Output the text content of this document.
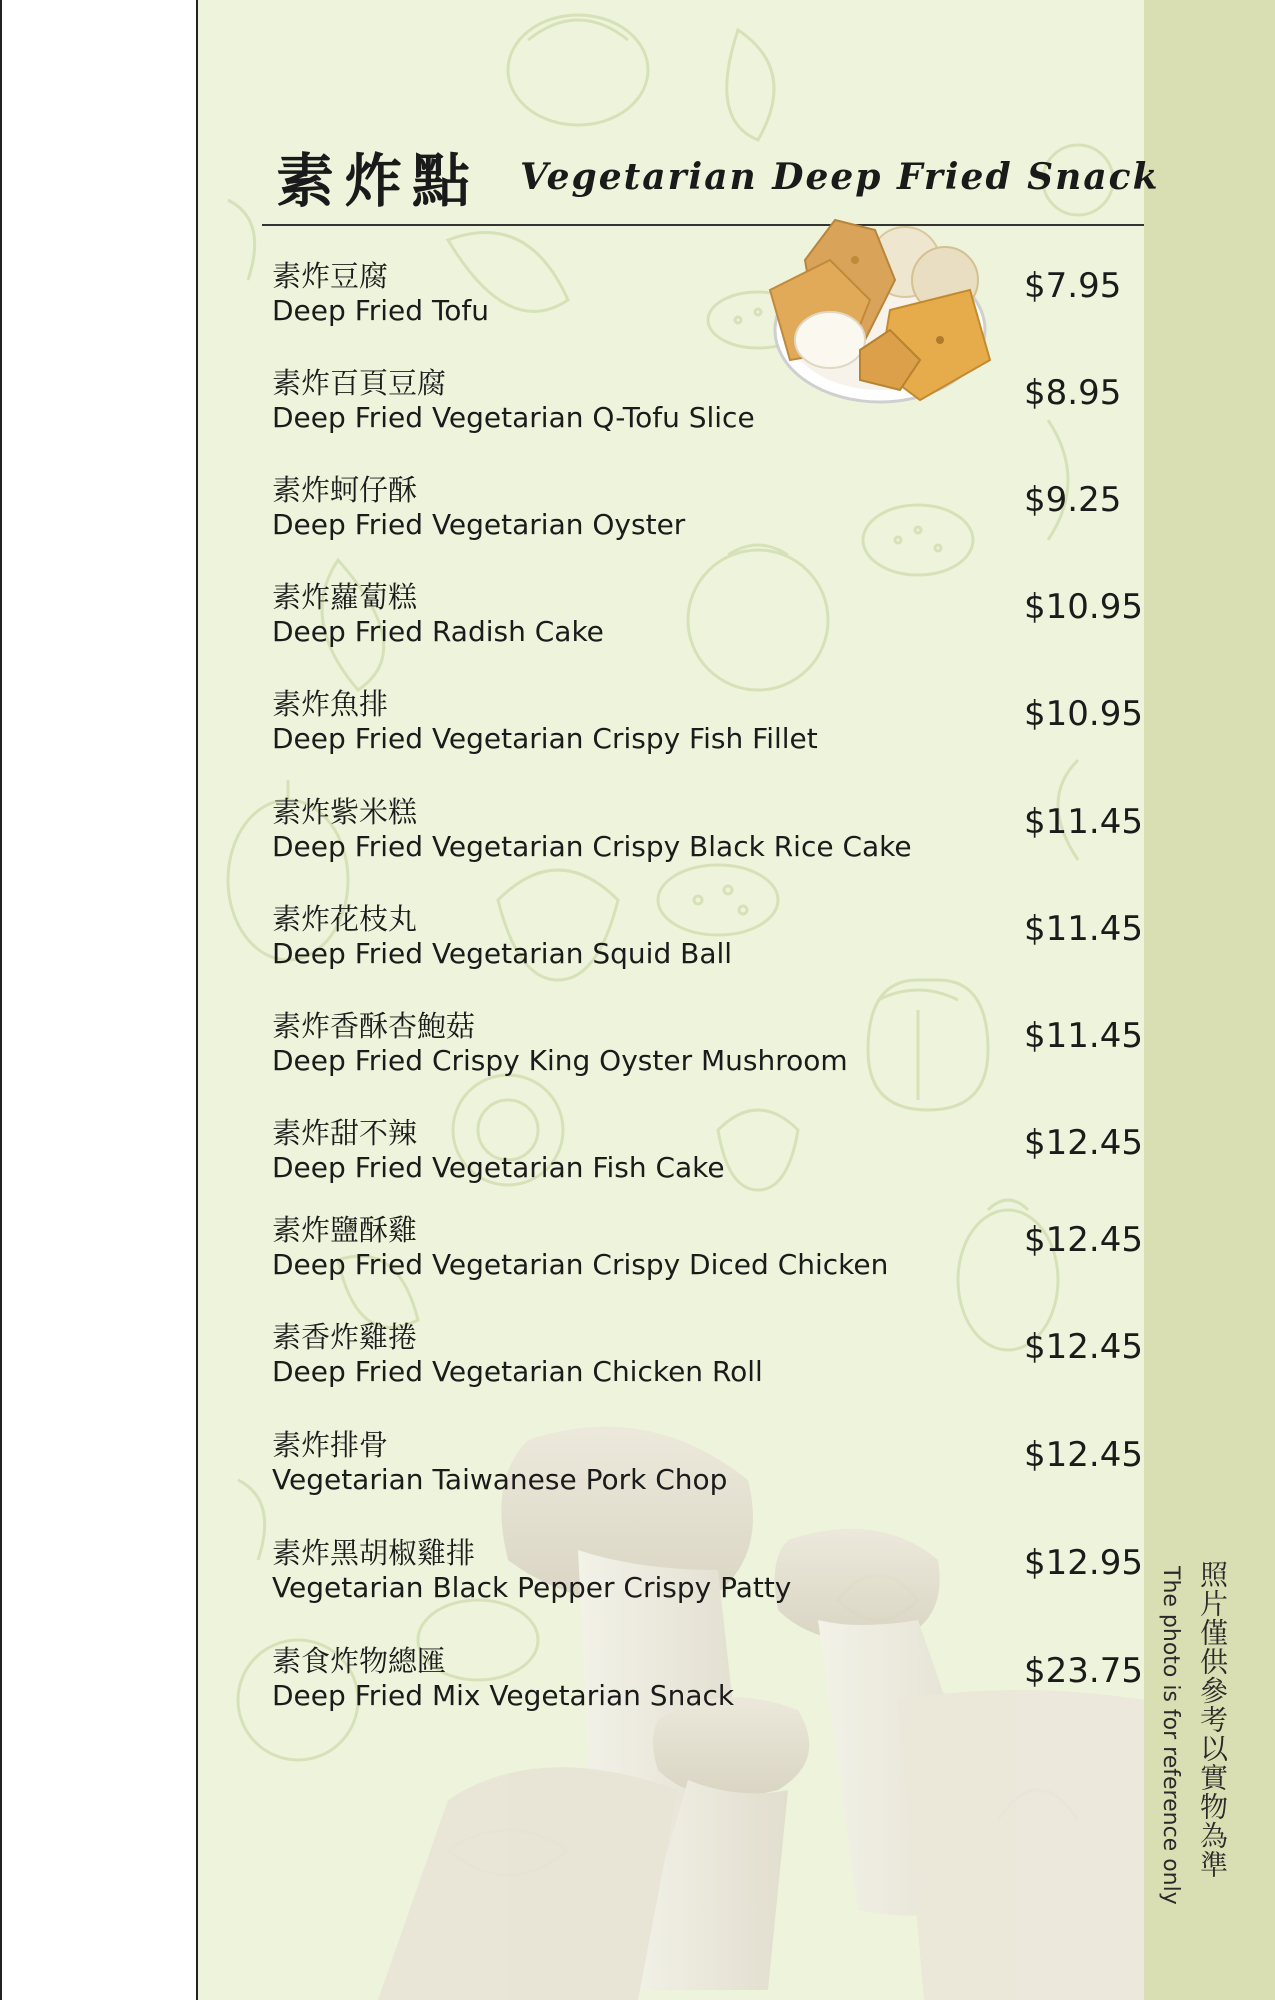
素炸點 Vegetarian Deep Fried Snack
素炸豆腐
Deep Fried Tofu
$7.95
素炸百頁豆腐
Deep Fried Vegetarian Q-Tofu Slice
$8.95
素炸蚵仔酥
Deep Fried Vegetarian Oyster
$9.25
素炸蘿蔔糕
Deep Fried Radish Cake
$10.95
素炸魚排
Deep Fried Vegetarian Crispy Fish Fillet
$10.95
素炸紫米糕
Deep Fried Vegetarian Crispy Black Rice Cake
$11.45
素炸花枝丸
Deep Fried Vegetarian Squid Ball
$11.45
素炸香酥杏鮑菇
Deep Fried Crispy King Oyster Mushroom
$11.45
素炸甜不辣
Deep Fried Vegetarian Fish Cake
$12.45
素炸鹽酥雞
Deep Fried Vegetarian Crispy Diced Chicken
$12.45
素香炸雞捲
Deep Fried Vegetarian Chicken Roll
$12.45
素炸排骨
Vegetarian Taiwanese Pork Chop
$12.45
素炸黑胡椒雞排
Vegetarian Black Pepper Crispy Patty
$12.95
素食炸物總匯
Deep Fried Mix Vegetarian Snack
$23.75 照片僅供參考以實物為準
The photo is for reference only
